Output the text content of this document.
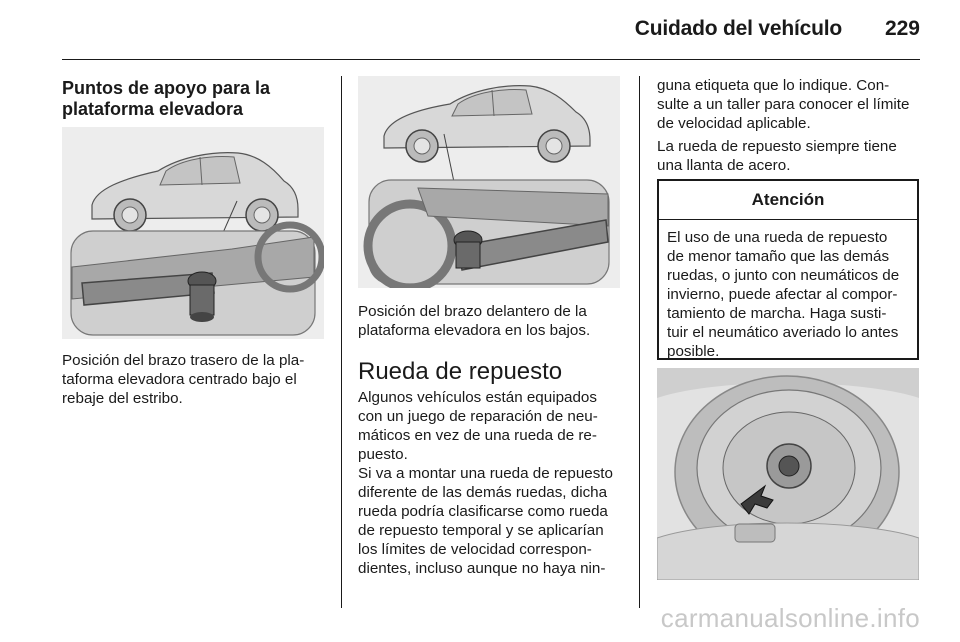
Cuidado del vehículo 229
Puntos de apoyo para la
plataforma elevadora
Posición del brazo trasero de la pla-
taforma elevadora centrado bajo el
rebaje del estribo.
Posición del brazo delantero de la
plataforma elevadora en los bajos.
Rueda de repuesto
Algunos vehículos están equipados
con un juego de reparación de neu-
máticos en vez de una rueda de re-
puesto.
Si va a montar una rueda de repuesto
diferente de las demás ruedas, dicha
rueda podría clasificarse como rueda
de repuesto temporal y se aplicarían
los límites de velocidad correspon-
dientes, incluso aunque no haya nin-
guna etiqueta que lo indique. Con-
sulte a un taller para conocer el límite
de velocidad aplicable.
La rueda de repuesto siempre tiene
una llanta de acero.
Atención
El uso de una rueda de repuesto
de menor tamaño que las demás
ruedas, o junto con neumáticos de
invierno, puede afectar al compor-
tamiento de marcha. Haga susti-
tuir el neumático averiado lo antes
posible.
carmanualsonline.info
